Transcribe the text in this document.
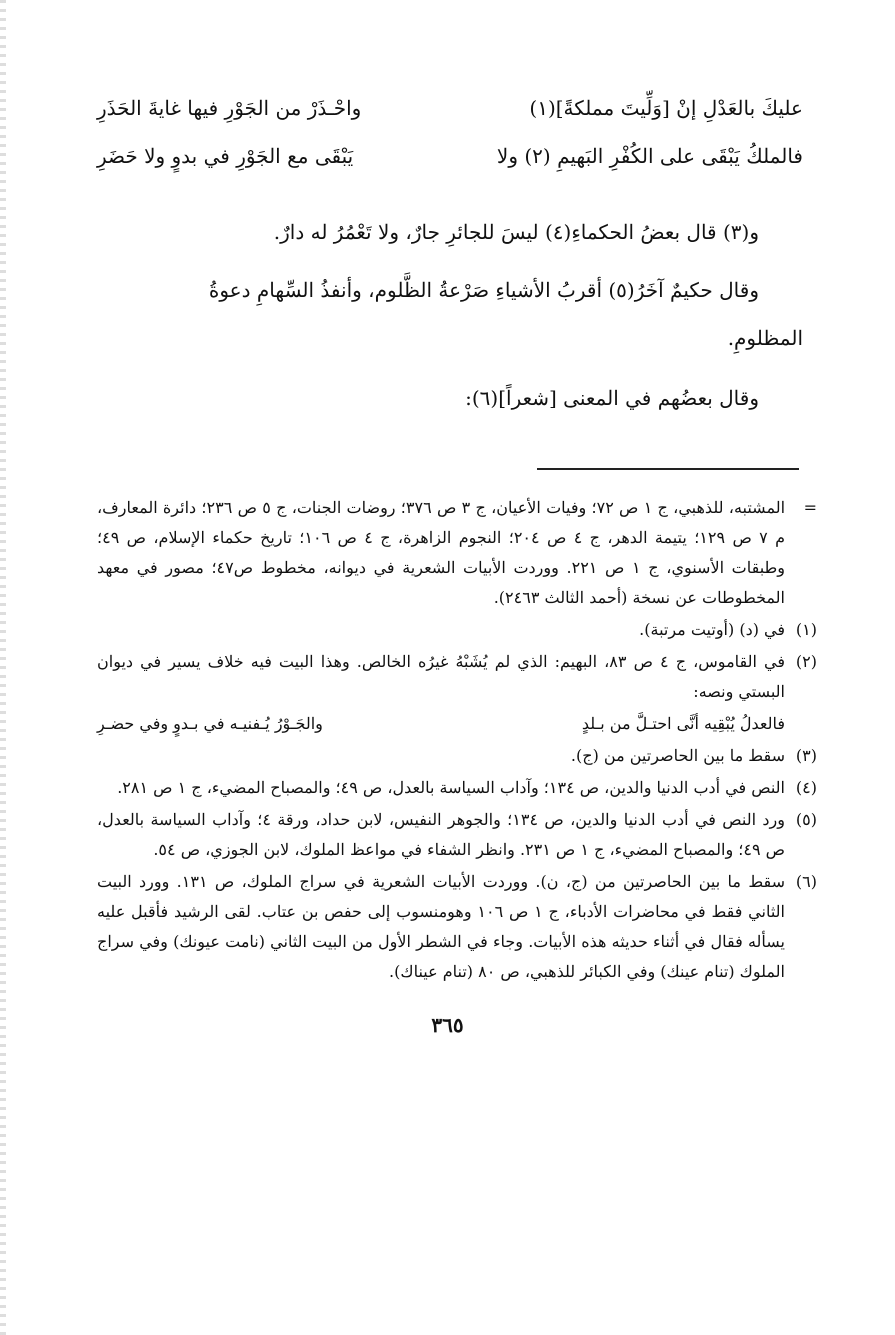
عليكَ بالعَدْلِ إنْ [وَلِّيتَ مملكةً](١)
واحْـذَرْ من الجَوْرِ فيها غايةَ الحَذَرِ
فالملكُ يَبْقَى على الكُفْرِ البَهيمِ (٢) ولا
يَبْقَى مع الجَوْرِ في بدوٍ ولا حَضَرِ
و(٣) قال بعضُ الحكماءِ(٤) ليسَ للجائرِ جارٌ، ولا تَعْمُرُ له دارٌ.
وقال حكيمٌ آخَرُ(٥) أقربُ الأشياءِ صَرْعةُ الظَّلوم، وأنفذُ السِّهامِ دعوةُ
المظلومِ.
وقال بعضُهم في المعنى [شعراً](٦):
=
المشتبه، للذهبي، ج ١ ص ٧٢؛ وفيات الأعيان، ج ٣ ص ٣٧٦؛ روضات الجنات، ج ٥ ص ٢٣٦؛ دائرة المعارف، م ٧ ص ١٢٩؛ يتيمة الدهر، ج ٤ ص ٢٠٤؛ النجوم الزاهرة، ج ٤ ص ١٠٦؛ تاريخ حكماء الإسلام، ص ٤٩؛ وطبقات الأسنوي، ج ١ ص ٢٢١. ووردت الأبيات الشعرية في ديوانه، مخطوط ص٤٧؛ مصور في معهد المخطوطات عن نسخة (أحمد الثالث ٢٤٦٣).
(١)
في (د) (أوتيت مرتبة).
(٢)
في القاموس، ج ٤ ص ٨٣، البهيم: الذي لم يُشَبْهُ غيرُه الخالص. وهذا البيت فيه خلاف يسير في ديوان البستي ونصه:
فالعدلُ يُبْقِيه أنَّى احتـلَّ من بـلدٍ
والجَـوْرُ يُـفنيـه في بـدوٍ وفي حضـرِ
(٣)
سقط ما بين الحاصرتين من (ج).
(٤)
النص في أدب الدنيا والدين، ص ١٣٤؛ وآداب السياسة بالعدل، ص ٤٩؛ والمصباح المضيء، ج ١ ص ٢٨١.
(٥)
ورد النص في أدب الدنيا والدين، ص ١٣٤؛ والجوهر النفيس، لابن حداد، ورقة ٤؛ وآداب السياسة بالعدل، ص ٤٩؛ والمصباح المضيء، ج ١ ص ٢٣١. وانظر الشفاء في مواعظ الملوك، لابن الجوزي، ص ٥٤.
(٦)
سقط ما بين الحاصرتين من (ج، ن). ووردت الأبيات الشعرية في سراج الملوك، ص ١٣١. وورد البيت الثاني فقط في محاضرات الأدباء، ج ١ ص ١٠٦ وهومنسوب إلى حفص بن عتاب. لقى الرشيد فأقبل عليه يسأله فقال في أثناء حديثه هذه الأبيات. وجاء في الشطر الأول من البيت الثاني (نامت عيونك) وفي سراج الملوك (تنام عينك) وفي الكبائر للذهبي، ص ٨٠ (تنام عيناك).
٣٦٥
